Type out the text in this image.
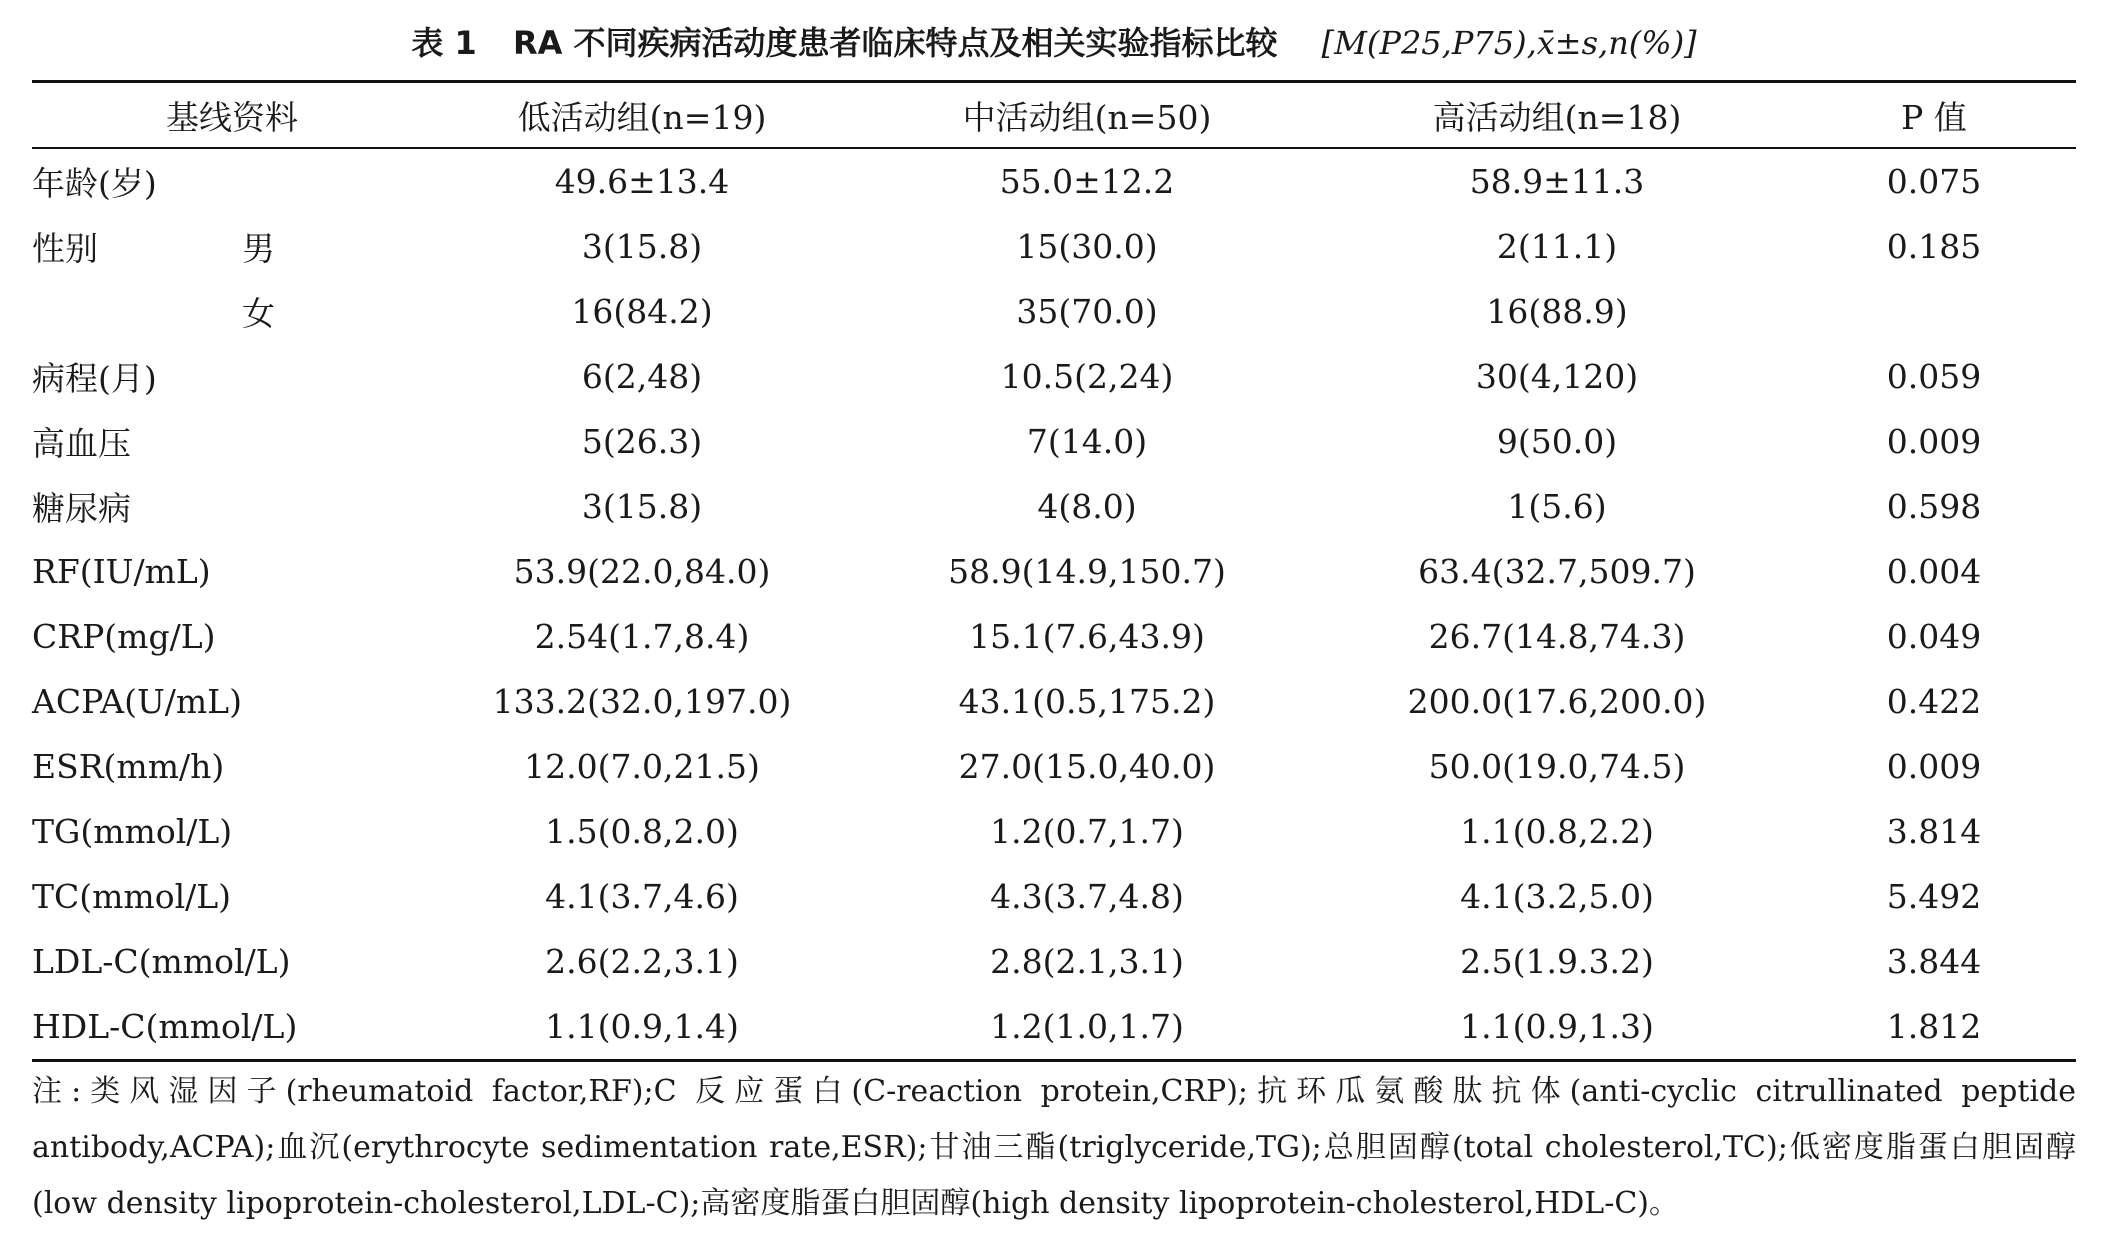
表 1 RA 不同疾病活动度患者临床特点及相关实验指标比较 [M(P25,P75),x̄±s,n(%)]
基线资料	低活动组(n=19)	中活动组(n=50)	高活动组(n=18)	P 值
年龄(岁)	49.6±13.4	55.0±12.2	58.9±11.3	0.075
性别 男	3(15.8)	15(30.0)	2(11.1)	0.185
女	16(84.2)	35(70.0)	16(88.9)	
病程(月)	6(2,48)	10.5(2,24)	30(4,120)	0.059
高血压	5(26.3)	7(14.0)	9(50.0)	0.009
糖尿病	3(15.8)	4(8.0)	1(5.6)	0.598
RF(IU/mL)	53.9(22.0,84.0)	58.9(14.9,150.7)	63.4(32.7,509.7)	0.004
CRP(mg/L)	2.54(1.7,8.4)	15.1(7.6,43.9)	26.7(14.8,74.3)	0.049
ACPA(U/mL)	133.2(32.0,197.0)	43.1(0.5,175.2)	200.0(17.6,200.0)	0.422
ESR(mm/h)	12.0(7.0,21.5)	27.0(15.0,40.0)	50.0(19.0,74.5)	0.009
TG(mmol/L)	1.5(0.8,2.0)	1.2(0.7,1.7)	1.1(0.8,2.2)	3.814
TC(mmol/L)	4.1(3.7,4.6)	4.3(3.7,4.8)	4.1(3.2,5.0)	5.492
LDL-C(mmol/L)	2.6(2.2,3.1)	2.8(2.1,3.1)	2.5(1.9.3.2)	3.844
HDL-C(mmol/L)	1.1(0.9,1.4)	1.2(1.0,1.7)	1.1(0.9,1.3)	1.812
注:类风湿因子(rheumatoid factor,RF);C 反应蛋白(C-reaction protein,CRP);抗环瓜氨酸肽抗体(anti-cyclic citrullinated peptide antibody,ACPA);血沉(erythrocyte sedimentation rate,ESR);甘油三酯(triglyceride,TG);总胆固醇(total cholesterol,TC);低密度脂蛋白胆固醇(low density lipoprotein-cholesterol,LDL-C);高密度脂蛋白胆固醇(high density lipoprotein-cholesterol,HDL-C)。
